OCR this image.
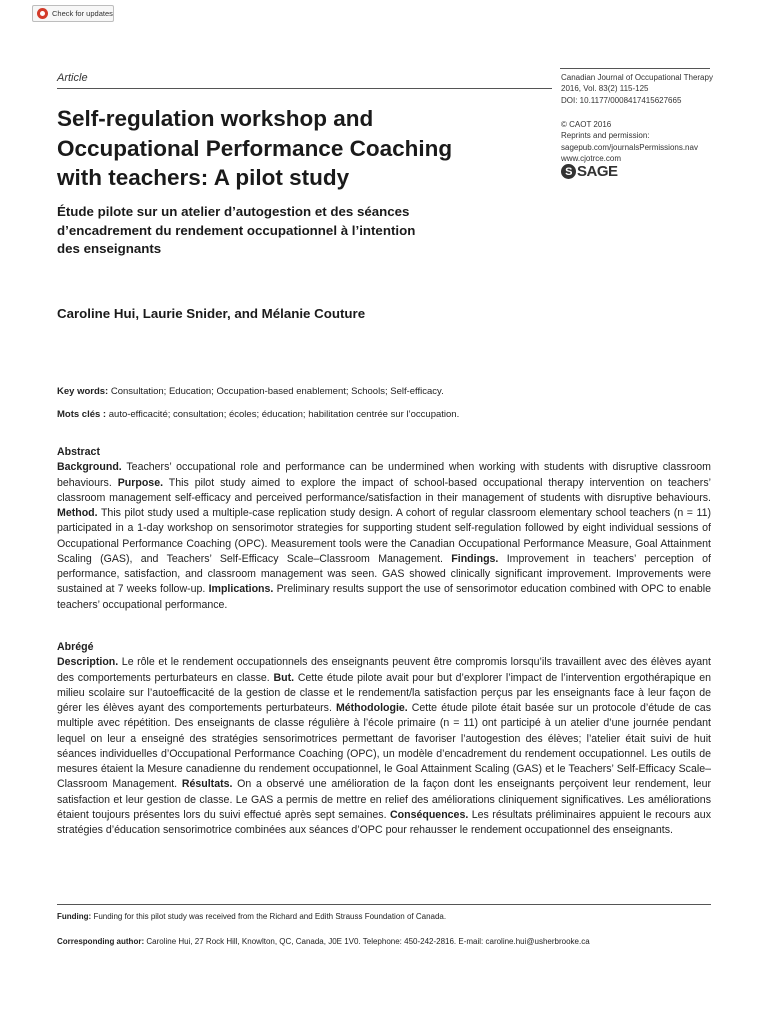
Check for updates
Article	Canadian Journal of Occupational Therapy
2016, Vol. 83(2) 115-125
DOI: 10.1177/0008417415627665
© CAOT 2016
Reprints and permission:
sagepub.com/journalsPermissions.nav
www.cjotrce.com
S SAGE
Self-regulation workshop and
Occupational Performance Coaching
with teachers: A pilot study
Étude pilote sur un atelier d’autogestion et des séances
d’encadrement du rendement occupationnel à l’intention
des enseignants
Caroline Hui, Laurie Snider, and Mélanie Couture
Key words: Consultation; Education; Occupation-based enablement; Schools; Self-efficacy.
Mots clés : auto-efficacité; consultation; écoles; éducation; habilitation centrée sur l’occupation.
Abstract
Background. Teachers’ occupational role and performance can be undermined when working with students with disruptive classroom behaviours. Purpose. This pilot study aimed to explore the impact of school-based occupational therapy intervention on teachers’ classroom management self-efficacy and perceived performance/satisfaction in their management of students with disruptive behaviours. Method. This pilot study used a multiple-case replication study design. A cohort of regular classroom elementary school teachers (n = 11) participated in a 1-day workshop on sensorimotor strategies for supporting student self-regulation followed by eight individual sessions of Occupational Performance Coaching (OPC). Measurement tools were the Canadian Occupational Performance Measure, Goal Attainment Scaling (GAS), and Teachers’ Self-Efficacy Scale–Classroom Management. Findings. Improvement in teachers’ perception of performance, satisfaction, and classroom management was seen. GAS showed clinically significant improvement. Improvements were sustained at 7 weeks follow-up. Implications. Preliminary results support the use of sensorimotor education combined with OPC to enable teachers’ occupational performance.
Abrégé
Description. Le rôle et le rendement occupationnels des enseignants peuvent être compromis lorsqu’ils travaillent avec des élèves ayant des comportements perturbateurs en classe. But. Cette étude pilote avait pour but d’explorer l’impact de l’intervention ergothérapique en milieu scolaire sur l’autoefficacité de la gestion de classe et le rendement/la satisfaction perçus par les enseignants face à leur façon de gérer les élèves ayant des comportements perturbateurs. Méthodologie. Cette étude pilote était basée sur un protocole d’étude de cas multiple avec répétition. Des enseignants de classe régulière à l’école primaire (n = 11) ont participé à un atelier d’une journée pendant lequel on leur a enseigné des stratégies sensorimotrices permettant de favoriser l’autogestion des élèves; l’atelier était suivi de huit séances individuelles d’Occupational Performance Coaching (OPC), un modèle d’encadrement du rendement occupationnel. Les outils de mesures étaient la Mesure canadienne du rendement occupationnel, le Goal Attainment Scaling (GAS) et le Teachers’ Self-Efficacy Scale–Classroom Management. Résultats. On a observé une amélioration de la façon dont les enseignants perçoivent leur rendement, leur satisfaction et leur gestion de classe. Le GAS a permis de mettre en relief des améliorations cliniquement significatives. Les améliorations étaient toujours présentes lors du suivi effectué après sept semaines. Conséquences. Les résultats préliminaires appuient le recours aux stratégies d’éducation sensorimotrice combinées aux séances d’OPC pour rehausser le rendement occupationnel des enseignants.
Funding: Funding for this pilot study was received from the Richard and Edith Strauss Foundation of Canada.
Corresponding author: Caroline Hui, 27 Rock Hill, Knowlton, QC, Canada, J0E 1V0. Telephone: 450-242-2816. E-mail: caroline.hui@usherbrooke.ca
